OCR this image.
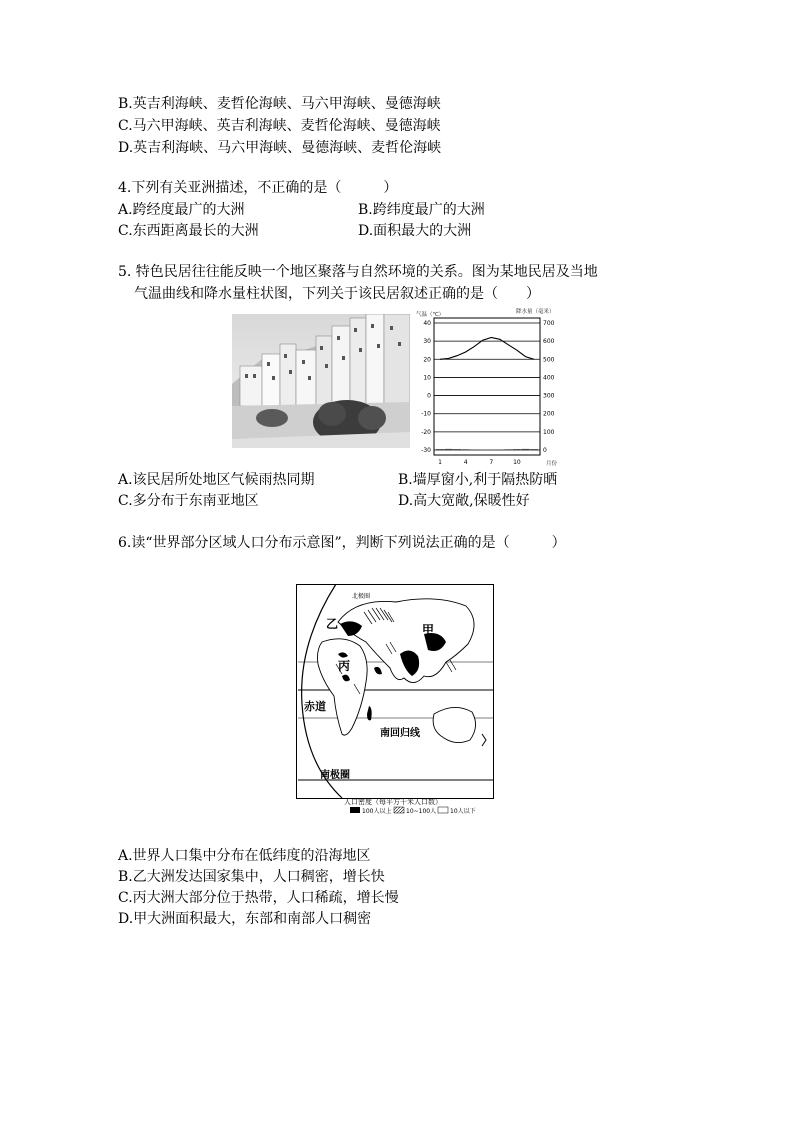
B.英吉利海峡、麦哲伦海峡、马六甲海峡、曼德海峡
C.马六甲海峡、英吉利海峡、麦哲伦海峡、曼德海峡
D.英吉利海峡、马六甲海峡、曼德海峡、麦哲伦海峡
4.下列有关亚洲描述，不正确的是（　　　）
A.跨经度最广的大洲	B.跨纬度最广的大洲
C.东西距离最长的大洲	D.面积最大的大洲
5. 特色民居往往能反映一个地区聚落与自然环境的关系。图为某地民居及当地
气温曲线和降水量柱状图，下列关于该民居叙述正确的是（　　）
气温（℃）	降水量（毫米）
40
30
20
10
0
-10
-20
-30
700
600
500
400
300
200
100
0
1	4	7	10	月份
A.该民居所处地区气候雨热同期	B.墙厚窗小,利于隔热防晒
C.多分布于东南亚地区	D.高大宽敞,保暖性好
6.读“世界部分区域人口分布示意图”，判断下列说法正确的是（　　　）
北极圈
甲
乙
丙
赤道
南回归线
南极圈
人口密度（每平方千米人口数）
100人以上 10~100人 10人以下
A.世界人口集中分布在低纬度的沿海地区
B.乙大洲发达国家集中，人口稠密，增长快
C.丙大洲大部分位于热带，人口稀疏，增长慢
D.甲大洲面积最大，东部和南部人口稠密
